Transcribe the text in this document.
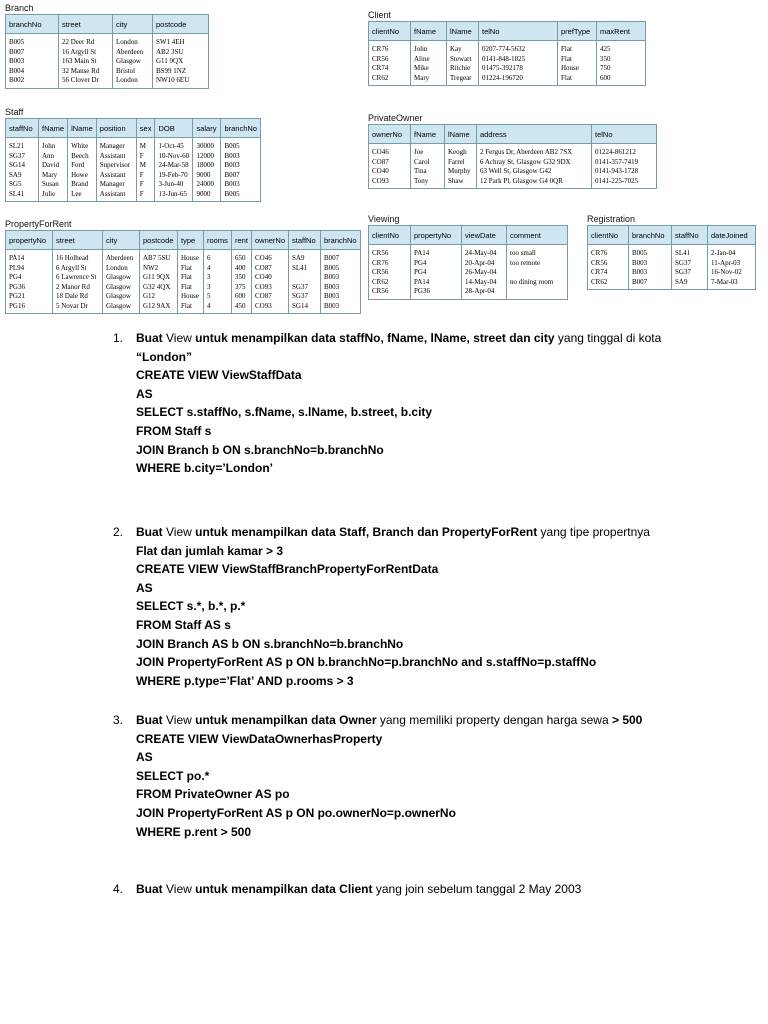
Branch
branchNo	street	city	postcode
B005	22 Deer Rd	London	SW1 4EH
B007	16 Argyll St	Aberdeen	AB2 3SU
B003	163 Main St	Glasgow	G11 9QX
B004	32 Manse Rd	Bristol	BS99 1NZ
B002	56 Clover Dr	London	NW10 6EU
Staff
staffNo	fName	lName	position	sex	DOB	salary	branchNo
SL21	John	White	Manager	M	1-Oct-45	30000	B005
SG37	Ann	Beech	Assistant	F	10-Nov-60	12000	B003
SG14	David	Ford	Supervisor	M	24-Mar-58	18000	B003
SA9	Mary	Howe	Assistant	F	19-Feb-70	9000	B007
SG5	Susan	Brand	Manager	F	3-Jun-40	24000	B003
SL41	Julie	Lee	Assistant	F	13-Jun-65	9000	B005
PropertyForRent
propertyNo	street	city	postcode	type	rooms	rent	ownerNo	staffNo	branchNo
PA14	16 Holhead	Aberdeen	AB7 5SU	House	6	650	CO46	SA9	B007
PL94	6 Argyll St	London	NW2	Flat	4	400	CO87	SL41	B005
PG4	6 Lawrence St	Glasgow	G11 9QX	Flat	3	350	CO40		B003
PG36	2 Manor Rd	Glasgow	G32 4QX	Flat	3	375	CO93	SG37	B003
PG21	18 Dale Rd	Glasgow	G12	House	5	600	CO87	SG37	B003
PG16	5 Novar Dr	Glasgow	G12 9AX	Flat	4	450	CO93	SG14	B003
Client
clientNo	fName	lName	telNo	prefType	maxRent
CR76	John	Kay	0207-774-5632	Flat	425
CR56	Aline	Stewart	0141-848-1825	Flat	350
CR74	Mike	Ritchie	01475-392178	House	750
CR62	Mary	Tregear	01224-196720	Flat	600
PrivateOwner
ownerNo	fName	lName	address	telNo
CO46	Joe	Keogh	2 Fergus Dr, Aberdeen AB2 7SX	01224-861212
CO87	Carol	Farrel	6 Achray St, Glasgow G32 9DX	0141-357-7419
CO40	Tina	Murphy	63 Well St, Glasgow G42	0141-943-1728
CO93	Tony	Shaw	12 Park Pl, Glasgow G4 0QR	0141-225-7025
Viewing
clientNo	propertyNo	viewDate	comment
CR56	PA14	24-May-04	too small
CR76	PG4	20-Apr-04	too remote
CR56	PG4	26-May-04	
CR62	PA14	14-May-04	no dining room
CR56	PG36	28-Apr-04	
Registration
clientNo	branchNo	staffNo	dateJoined
CR76	B005	SL41	2-Jan-04
CR56	B003	SG37	11-Apr-03
CR74	B003	SG37	16-Nov-02
CR62	B007	SA9	7-Mar-03
1. Buat View untuk menampilkan data staffNo, fName, lName, street dan city yang tinggal di kota
“London”
CREATE VIEW ViewStaffData
AS
SELECT s.staffNo, s.fName, s.lName, b.street, b.city
FROM Staff s
JOIN Branch b ON s.branchNo=b.branchNo
WHERE b.city=’London’
2. Buat View untuk menampilkan data Staff, Branch dan PropertyForRent yang tipe propertnya
Flat dan jumlah kamar > 3
CREATE VIEW ViewStaffBranchPropertyForRentData
AS
SELECT s.*, b.*, p.*
FROM Staff AS s
JOIN Branch AS b ON s.branchNo=b.branchNo
JOIN PropertyForRent AS p ON b.branchNo=p.branchNo and s.staffNo=p.staffNo
WHERE p.type=’Flat’ AND p.rooms > 3
3. Buat View untuk menampilkan data Owner yang memiliki property dengan harga sewa > 500
CREATE VIEW ViewDataOwnerhasProperty
AS
SELECT po.*
FROM PrivateOwner AS po
JOIN PropertyForRent AS p ON po.ownerNo=p.ownerNo
WHERE p.rent > 500
4. Buat View untuk menampilkan data Client yang join sebelum tanggal 2 May 2003
